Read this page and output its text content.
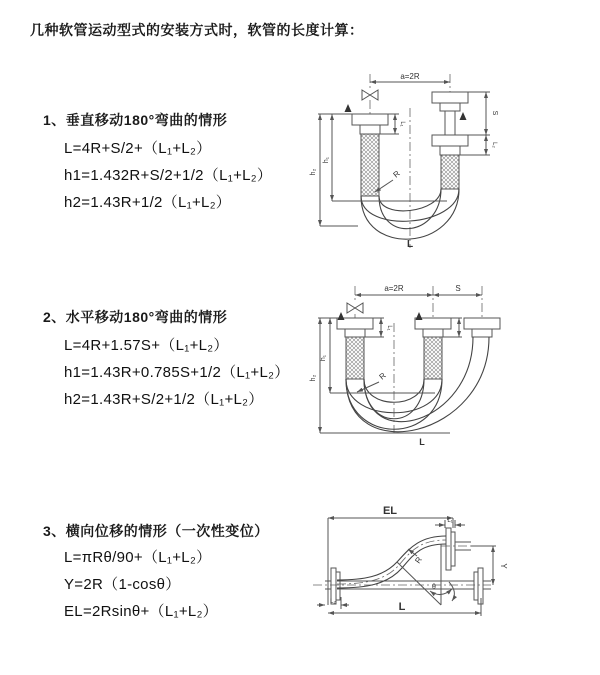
几种软管运动型式的安装方式时，软管的长度计算：
1、垂直移动180°弯曲的情形
L=4R+S/2+（L₁+L₂）
h1=1.432R+S/2+1/2（L₁+L₂）
h2=1.43R+1/2（L₁+L₂）
a=2R
L₁
S
L₂
h₁
h₂	R
L
2、水平移动180°弯曲的情形
L=4R+1.57S+（L₁+L₂）
h1=1.43R+0.785S+1/2（L₁+L₂）
h2=1.43R+S/2+1/2（L₁+L₂）
a=2R	S
L₁
h₁
h₂	R
L
3、横向位移的情形（一次性变位）
L=πRθ/90+（L₁+L₂）
Y=2R（1-cosθ）
EL=2Rsinθ+（L₁+L₂）
θ
EL
L₁
Y
R
L
L₂
